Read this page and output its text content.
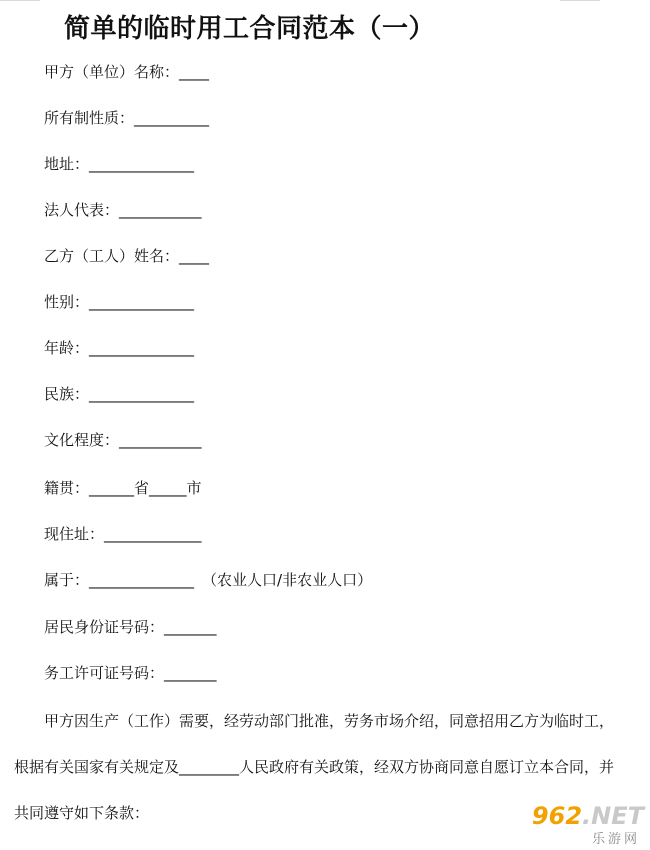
简单的临时用工合同范本（一）
甲方（单位）名称：____
所有制性质：__________
地址：______________
法人代表：___________
乙方（工人）姓名：____
性别：______________
年龄：______________
民族：______________
文化程度：___________
籍贯：______省_____市
现住址：_____________
属于：______________ （农业人口/非农业人口）
居民身份证号码：_______
务工许可证号码：_______
甲方因生产（工作）需要，经劳动部门批准，劳务市场介绍，同意招用乙方为临时工，
根据有关国家有关规定及________人民政府有关政策，经双方协商同意自愿订立本合同，并
共同遵守如下条款：	962.NET
乐游网
